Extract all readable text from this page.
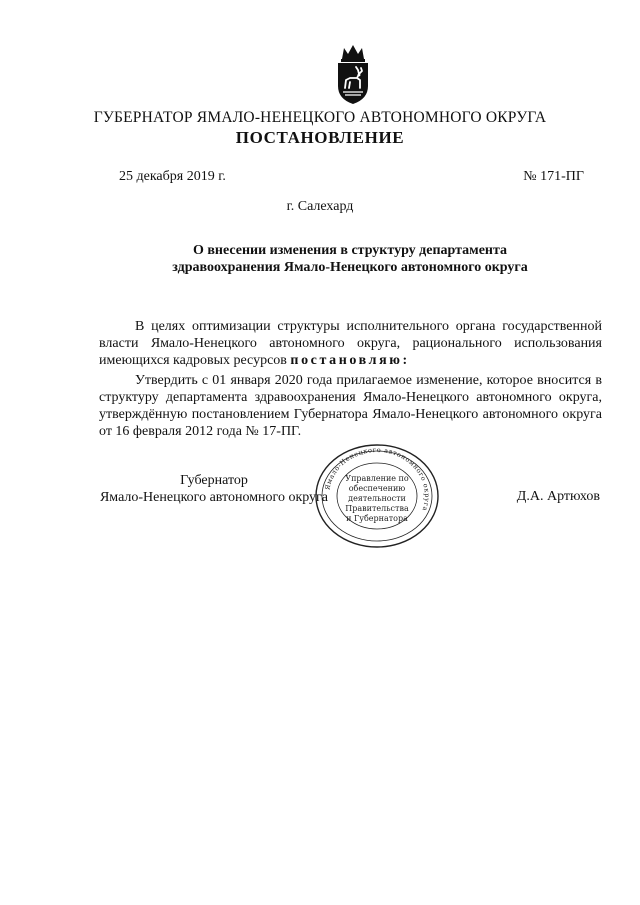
ГУБЕРНАТОР ЯМАЛО-НЕНЕЦКОГО АВТОНОМНОГО ОКРУГА
ПОСТАНОВЛЕНИЕ
25 декабря 2019 г.	№ 171-ПГ
г. Салехард
О внесении изменения в структуру департамента здравоохранения Ямало-Ненецкого автономного округа

В целях оптимизации структуры исполнительного органа государственной власти Ямало-Ненецкого автономного округа, рационального использования имеющихся кадровых ресурсов постановляю:

Утвердить с 01 января 2020 года прилагаемое изменение, которое вносится в структуру департамента здравоохранения Ямало-Ненецкого автономного округа, утверждённую постановлением Губернатора Ямало-Ненецкого автономного округа от 16 февраля 2012 года № 17-ПГ.

Губернатор
Ямало-Ненецкого автономного округа
Ямало-Ненецкого автономного округа
Управление по
обеспечению
деятельности
Правительства
и Губернатора
Д.А. Артюхов
